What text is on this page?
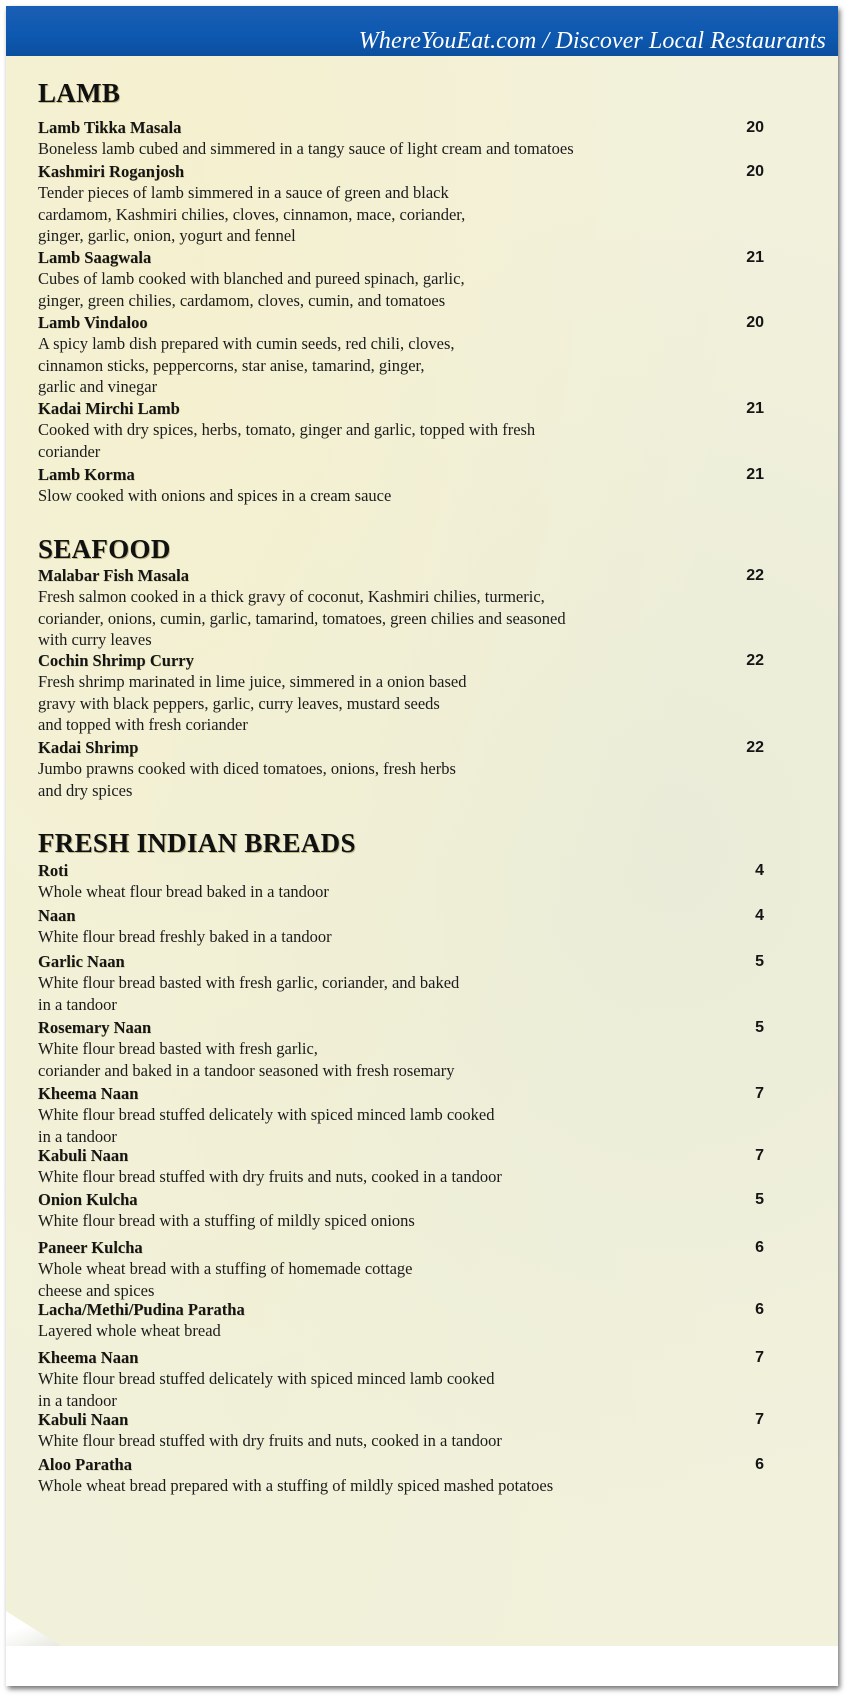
WhereYouEat.com / Discover Local Restaurants
LAMB
Lamb Tikka Masala	20
Boneless lamb cubed and simmered in a tangy sauce of light cream and tomatoes
Kashmiri Roganjosh	20
Tender pieces of lamb simmered in a sauce of green and black
cardamom, Kashmiri chilies, cloves, cinnamon, mace, coriander,
ginger, garlic, onion, yogurt and fennel
Lamb Saagwala	21
Cubes of lamb cooked with blanched and pureed spinach, garlic,
ginger, green chilies, cardamom, cloves, cumin, and tomatoes
Lamb Vindaloo	20
A spicy lamb dish prepared with cumin seeds, red chili, cloves,
cinnamon sticks, peppercorns, star anise, tamarind, ginger,
garlic and vinegar
Kadai Mirchi Lamb	21
Cooked with dry spices, herbs, tomato, ginger and garlic, topped with fresh
coriander
Lamb Korma	21
Slow cooked with onions and spices in a cream sauce
SEAFOOD
Malabar Fish Masala	22
Fresh salmon cooked in a thick gravy of coconut, Kashmiri chilies, turmeric,
coriander, onions, cumin, garlic, tamarind, tomatoes, green chilies and seasoned
with curry leaves
Cochin Shrimp Curry	22
Fresh shrimp marinated in lime juice, simmered in a onion based
gravy with black peppers, garlic, curry leaves, mustard seeds
and topped with fresh coriander
Kadai Shrimp	22
Jumbo prawns cooked with diced tomatoes, onions, fresh herbs
and dry spices
FRESH INDIAN BREADS
Roti	4
Whole wheat flour bread baked in a tandoor
Naan	4
White flour bread freshly baked in a tandoor
Garlic Naan	5
White flour bread basted with fresh garlic, coriander, and baked
in a tandoor
Rosemary Naan	5
White flour bread basted with fresh garlic,
coriander and baked in a tandoor seasoned with fresh rosemary
Kheema Naan	7
White flour bread stuffed delicately with spiced minced lamb cooked
in a tandoor
Kabuli Naan	7
White flour bread stuffed with dry fruits and nuts, cooked in a tandoor
Onion Kulcha	5
White flour bread with a stuffing of mildly spiced onions
Paneer Kulcha	6
Whole wheat bread with a stuffing of homemade cottage
cheese and spices
Lacha/Methi/Pudina Paratha	6
Layered whole wheat bread
Kheema Naan	7
White flour bread stuffed delicately with spiced minced lamb cooked
in a tandoor
Kabuli Naan	7
White flour bread stuffed with dry fruits and nuts, cooked in a tandoor
Aloo Paratha	6
Whole wheat bread prepared with a stuffing of mildly spiced mashed potatoes
